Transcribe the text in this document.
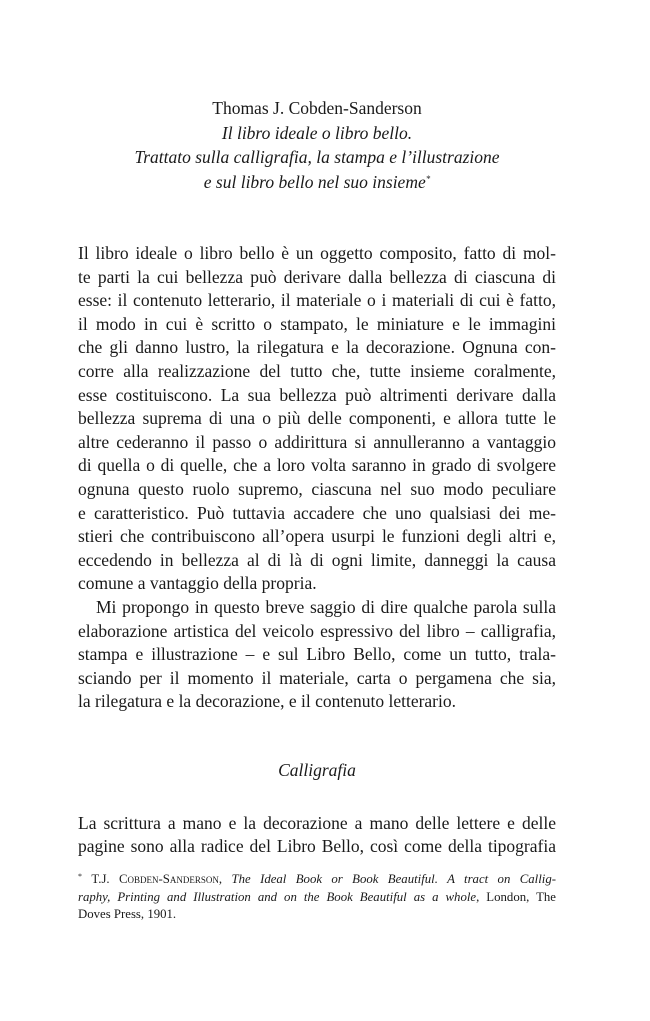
Thomas J. Cobden-Sanderson
Il libro ideale o libro bello.
Trattato sulla calligrafia, la stampa e l’illustrazione
e sul libro bello nel suo insieme*
Il libro ideale o libro bello è un oggetto composito, fatto di mol-
te parti la cui bellezza può derivare dalla bellezza di ciascuna di
esse: il contenuto letterario, il materiale o i materiali di cui è fatto,
il modo in cui è scritto o stampato, le miniature e le immagini
che gli danno lustro, la rilegatura e la decorazione. Ognuna con-
corre alla realizzazione del tutto che, tutte insieme coralmente,
esse costituiscono. La sua bellezza può altrimenti derivare dalla
bellezza suprema di una o più delle componenti, e allora tutte le
altre cederanno il passo o addirittura si annulleranno a vantaggio
di quella o di quelle, che a loro volta saranno in grado di svolgere
ognuna questo ruolo supremo, ciascuna nel suo modo peculiare
e caratteristico. Può tuttavia accadere che uno qualsiasi dei me-
stieri che contribuiscono all’opera usurpi le funzioni degli altri e,
eccedendo in bellezza al di là di ogni limite, danneggi la causa
comune a vantaggio della propria.
Mi propongo in questo breve saggio di dire qualche parola sulla
elaborazione artistica del veicolo espressivo del libro – calligrafia,
stampa e illustrazione – e sul Libro Bello, come un tutto, trala-
sciando per il momento il materiale, carta o pergamena che sia,
la rilegatura e la decorazione, e il contenuto letterario.
Calligrafia
La scrittura a mano e la decorazione a mano delle lettere e delle
pagine sono alla radice del Libro Bello, così come della tipografia
* T.J. Cobden-Sanderson, The Ideal Book or Book Beautiful. A tract on Callig-
raphy, Printing and Illustration and on the Book Beautiful as a whole, London, The
Doves Press, 1901.
